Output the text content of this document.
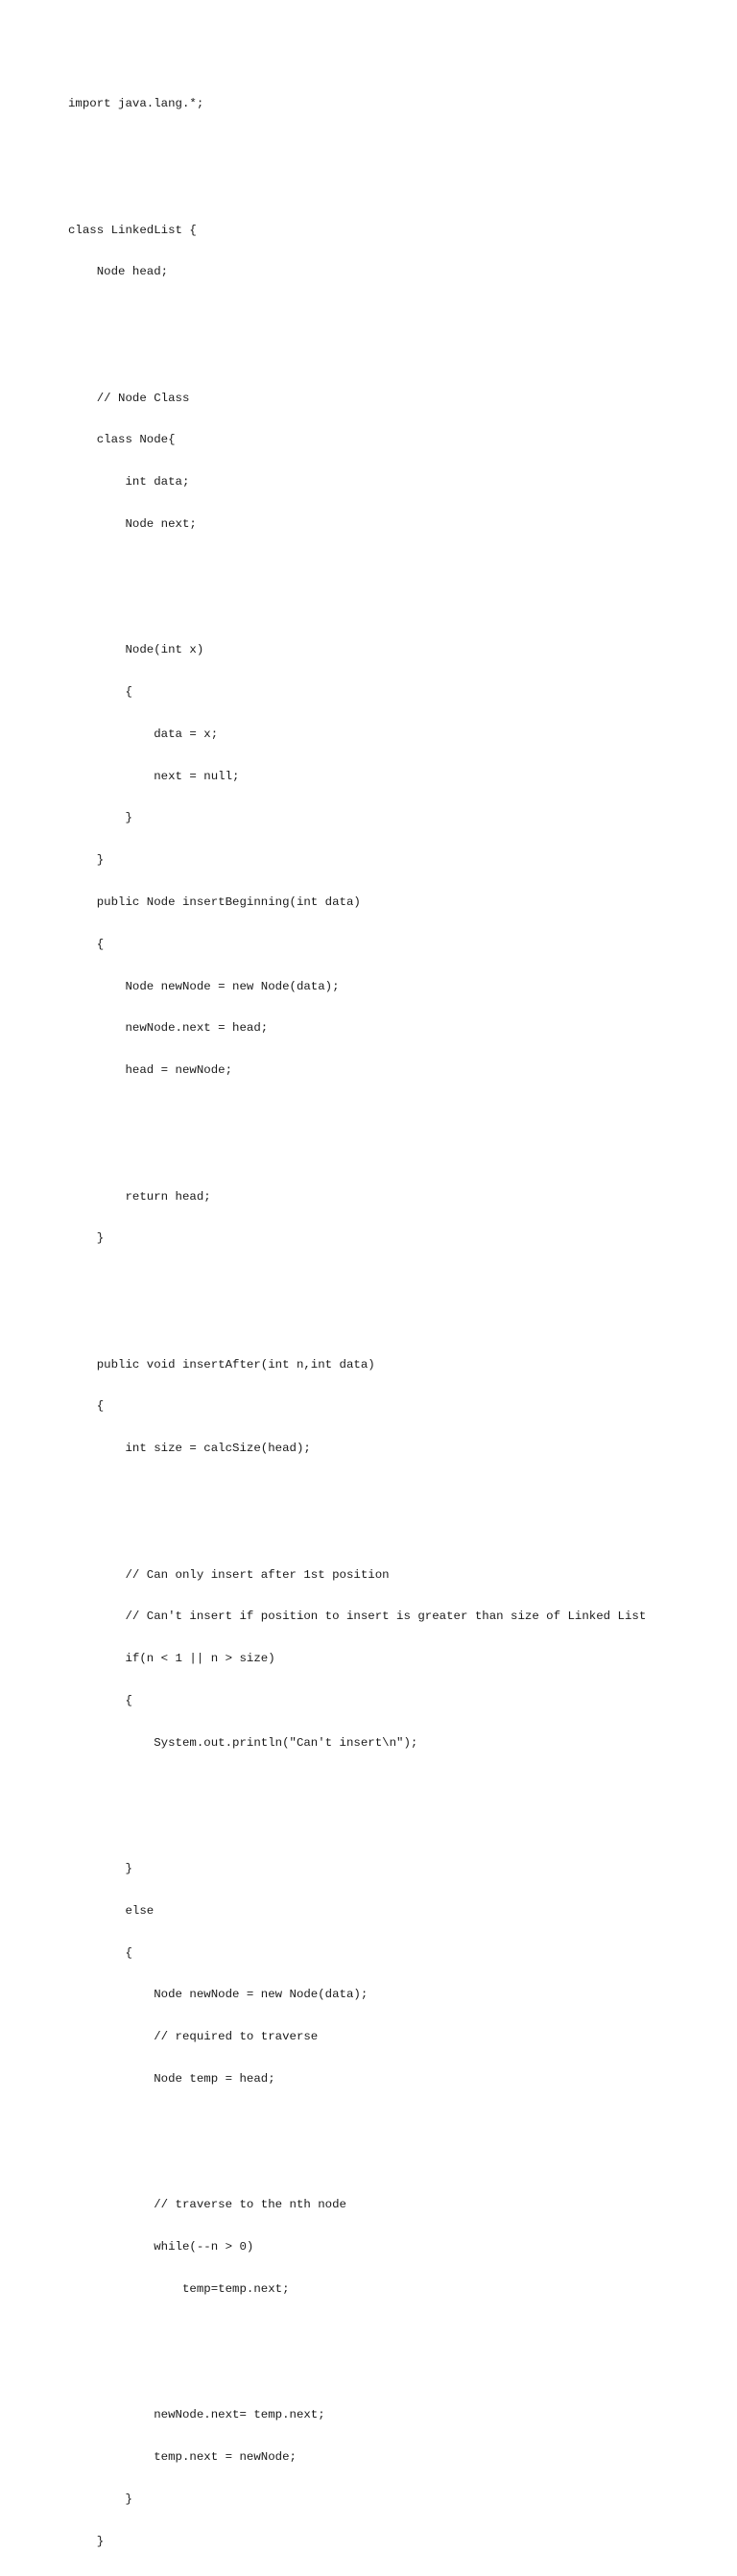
import java.lang.*;

class LinkedList {

Node head;

// Node Class

class Node{

int data;

Node next;

Node(int x)

{

data = x;

next = null;

}

}

public Node insertBeginning(int data)

{

Node newNode = new Node(data);

newNode.next = head;

head = newNode;

return head;

}

public void insertAfter(int n,int data)

{

int size = calcSize(head);

// Can only insert after 1st position

// Can't insert if position to insert is greater than size of Linked List

if(n < 1 || n > size)

{

System.out.println("Can't insert\n");

}

else

{

Node newNode = new Node(data);

// required to traverse

Node temp = head;

// traverse to the nth node

while(--n > 0)

temp=temp.next;

newNode.next= temp.next;

temp.next = newNode;

}

}
